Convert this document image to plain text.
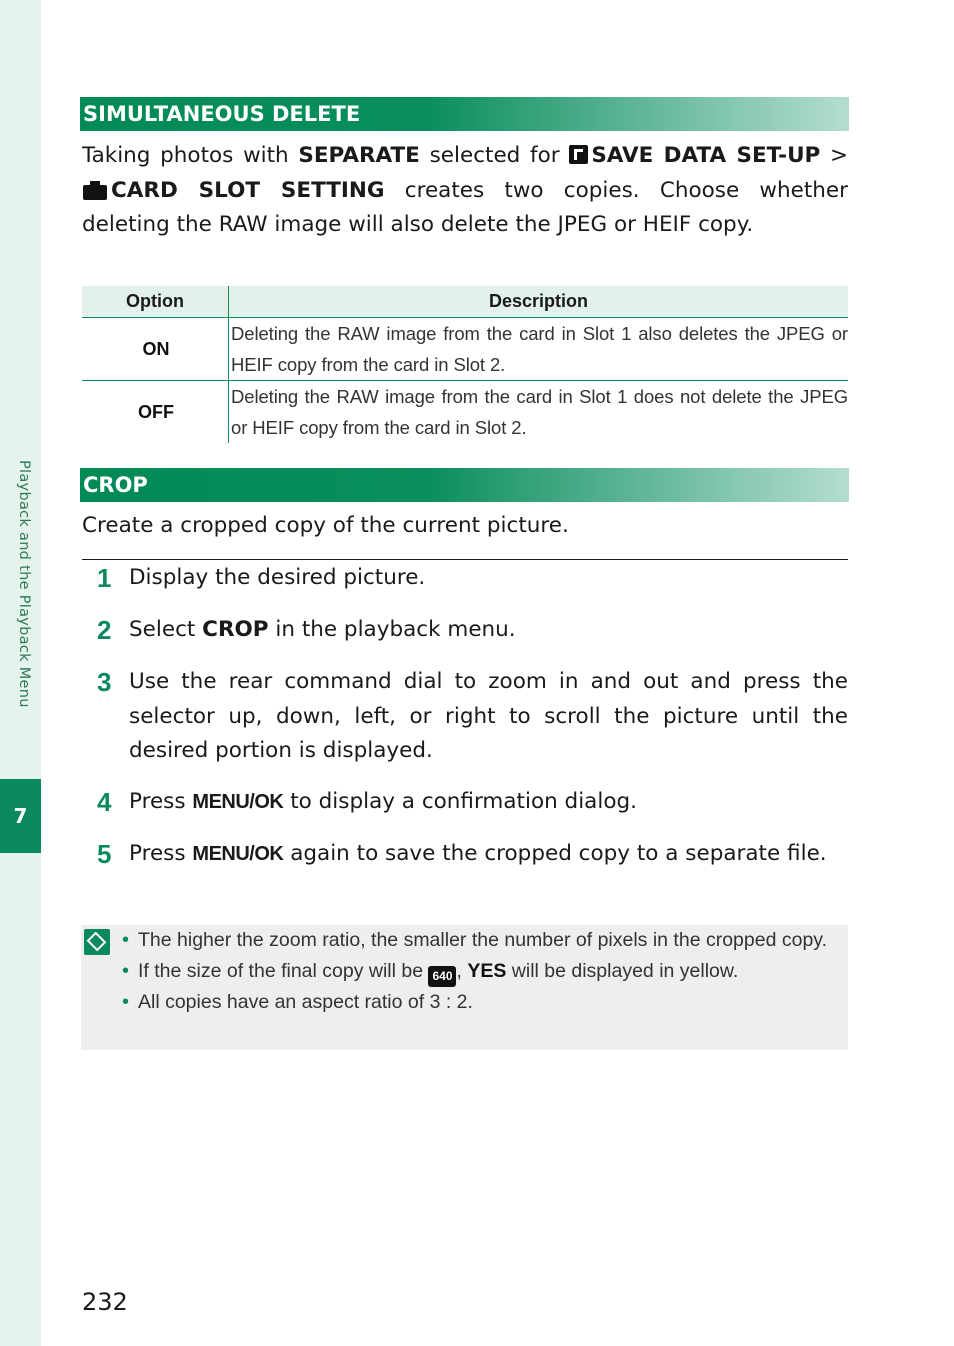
Playback and the Playback Menu
7
SIMULTANEOUS DELETE

Taking photos with SEPARATE selected for SAVE DATA SET-UP > CARD SLOT SETTING creates two copies. Choose whether deleting the RAW image will also delete the JPEG or HEIF copy.

Option	Description
ON	Deleting the RAW image from the card in Slot 1 also deletes the JPEG or HEIF copy from the card in Slot 2.
OFF	Deleting the RAW image from the card in Slot 1 does not delete the JPEG or HEIF copy from the card in Slot 2.
CROP

Create a cropped copy of the current picture.

1 Display the desired picture.

2 Select CROP in the playback menu.

3 Use the rear command dial to zoom in and out and press the selector up, down, left, or right to scroll the picture until the desired portion is displayed.

4 Press MENU/OK to display a confirmation dialog.

5 Press MENU/OK again to save the cropped copy to a separate file.

• The higher the zoom ratio, the smaller the number of pixels in the cropped copy.
• If the size of the final copy will be 640 , YES will be displayed in yellow.
• All copies have an aspect ratio of 3 : 2.
232
